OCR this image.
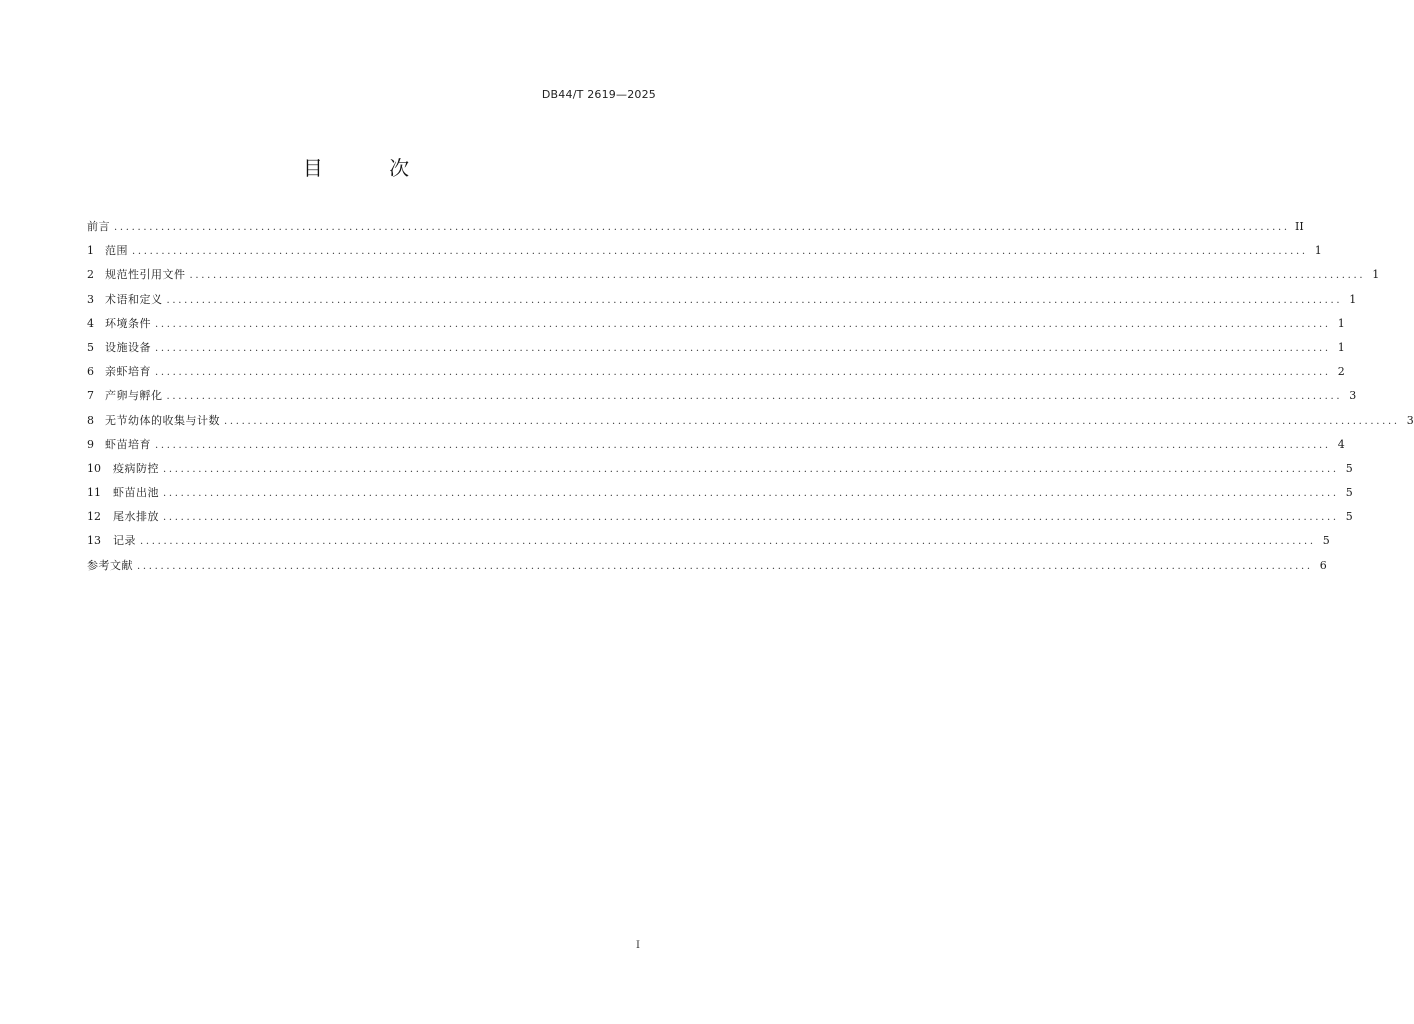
DB44/T 2619—2025
目 次
前言 ........................................................................................................................................................................................................ II
1 范围 ........................................................................................................................................................................................................ 1
2 规范性引用文件 ........................................................................................................................................................................................................ 1
3 术语和定义 ........................................................................................................................................................................................................ 1
4 环境条件 ........................................................................................................................................................................................................ 1
5 设施设备 ........................................................................................................................................................................................................ 1
6 亲虾培育 ........................................................................................................................................................................................................ 2
7 产卵与孵化 ........................................................................................................................................................................................................ 3
8 无节幼体的收集与计数 ........................................................................................................................................................................................................ 3
9 虾苗培育 ........................................................................................................................................................................................................ 4
10 疫病防控 ........................................................................................................................................................................................................ 5
11 虾苗出池 ........................................................................................................................................................................................................ 5
12 尾水排放 ........................................................................................................................................................................................................ 5
13 记录 ........................................................................................................................................................................................................ 5
参考文献 ........................................................................................................................................................................................................ 6
I
